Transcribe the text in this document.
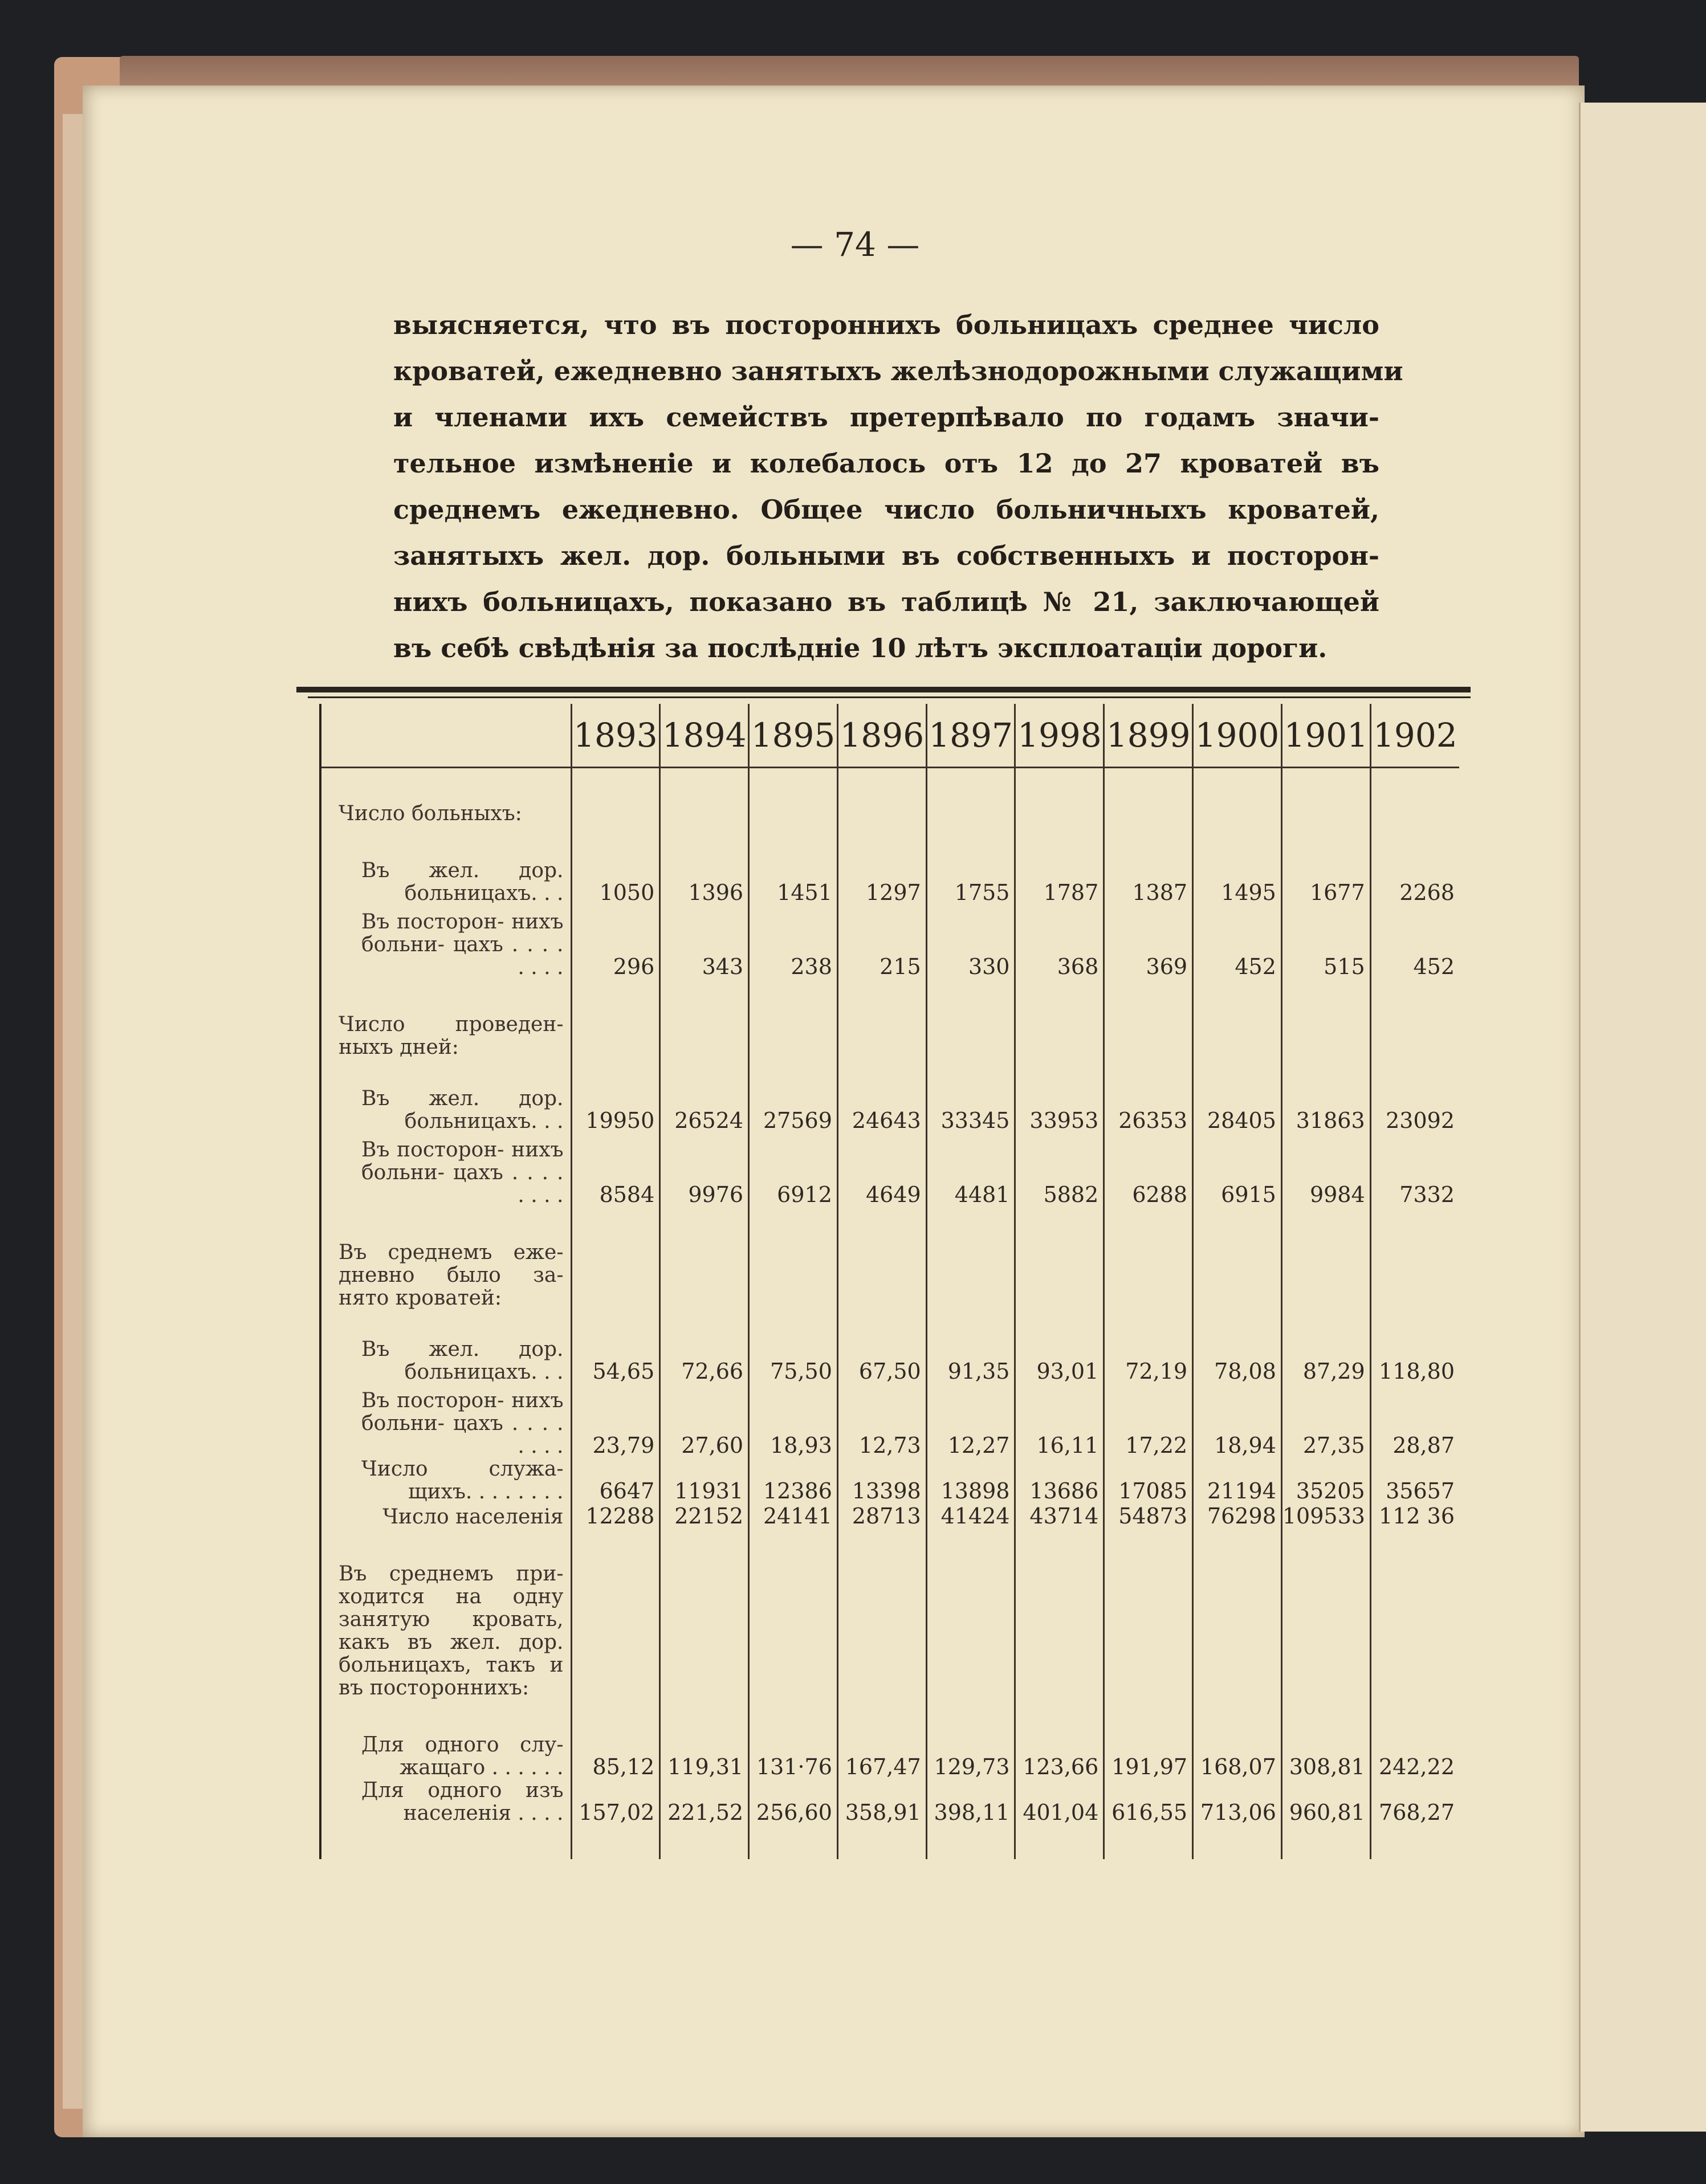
— 74 —
выясняется, что въ постороннихъ больницахъ среднее число
кроватей, ежедневно занятыхъ желѣзнодорожными служащими
и членами ихъ семействъ претерпѣвало по годамъ значи-
тельное измѣненіе и колебалось отъ 12 до 27 кроватей въ
среднемъ ежедневно. Общее число больничныхъ кроватей,
занятыхъ жел. дор. больными въ собственныхъ и посторон-
нихъ больницахъ, показано въ таблицѣ № 21, заключающей
въ себѣ свѣдѣнія за послѣдніе 10 лѣтъ эксплоатаціи дороги.
	1893	1894	1895	1896	1897	1998	1899	1900	1901	1902

Число больныхъ:										

Въ жел. дор. больницахъ. . .	1050	1396	1451	1297	1755	1787	1387	1495	1677	2268

Въ посторон- нихъ больни- цахъ . . . . . . . .	296	343	238	215	330	368	369	452	515	452

Число проведен- ныхъ дней:										

Въ жел. дор. больницахъ. . .	19950	26524	27569	24643	33345	33953	26353	28405	31863	23092

Въ посторон- нихъ больни- цахъ . . . . . . . .	8584	9976	6912	4649	4481	5882	6288	6915	9984	7332

Въ среднемъ еже- дневно было за- нято кроватей:										

Въ жел. дор. больницахъ. . .	54,65	72,66	75,50	67,50	91,35	93,01	72,19	78,08	87,29	118,80

Въ посторон- нихъ больни- цахъ . . . . . . . .	23,79	27,60	18,93	12,73	12,27	16,11	17,22	18,94	27,35	28,87

Число служа- щихъ. . . . . . . .	6647	11931	12386	13398	13898	13686	17085	21194	35205	35657

Число населенія	12288	22152	24141	28713	41424	43714	54873	76298	109533	112 36

Въ среднемъ при- ходится на одну занятую кровать, какъ въ жел. дор. больницахъ, такъ и въ постороннихъ:										

Для одного слу- жащаго . . . . . .	85,12	119,31	131·76	167,47	129,73	123,66	191,97	168,07	308,81	242,22

Для одного изъ населенія . . . .	157,02	221,52	256,60	358,91	398,11	401,04	616,55	713,06	960,81	768,27
